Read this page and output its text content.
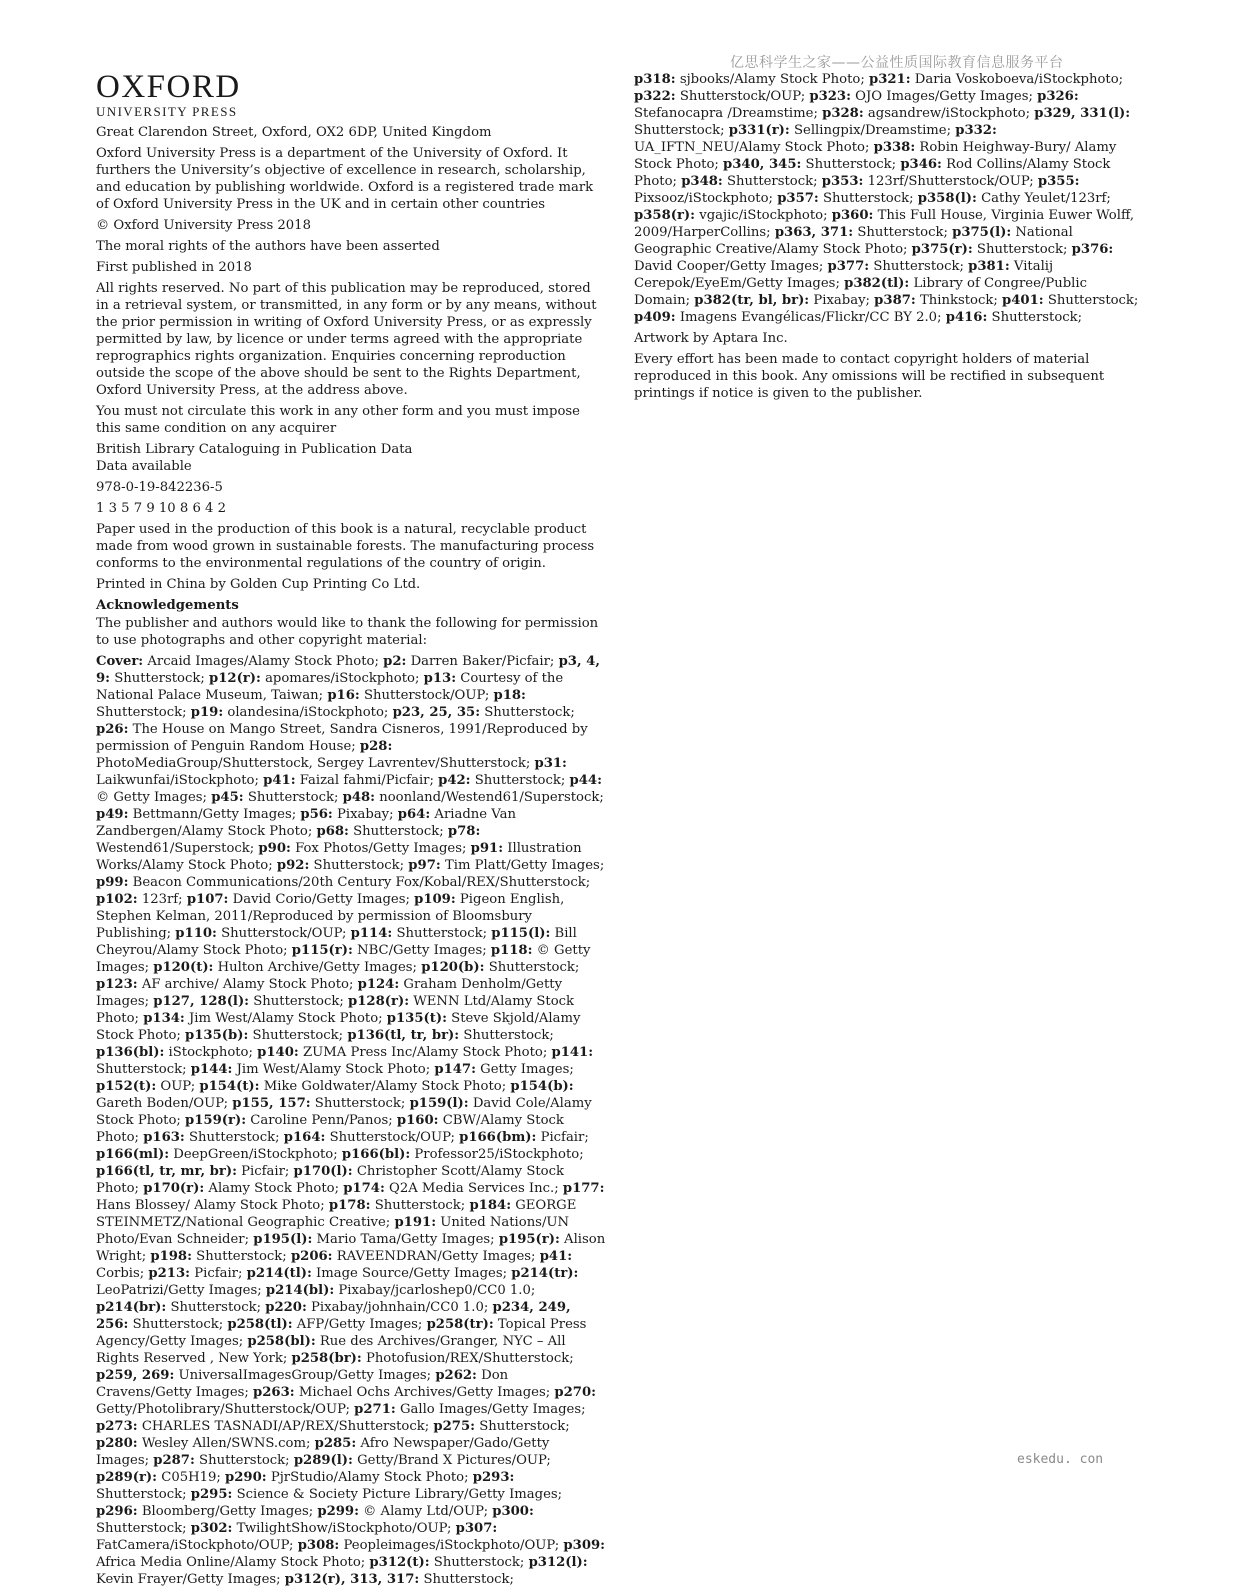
亿思科学生之家——公益性质国际教育信息服务平台
OXFORD
UNIVERSITY PRESS

Great Clarendon Street, Oxford, OX2 6DP, United Kingdom

Oxford University Press is a department of the University of Oxford. It furthers the University’s objective of excellence in research, scholarship, and education by publishing worldwide. Oxford is a registered trade mark of Oxford University Press in the UK and in certain other countries

© Oxford University Press 2018

The moral rights of the authors have been asserted

First published in 2018

All rights reserved. No part of this publication may be reproduced, stored in a retrieval system, or transmitted, in any form or by any means, without the prior permission in writing of Oxford University Press, or as expressly permitted by law, by licence or under terms agreed with the appropriate reprographics rights organization. Enquiries concerning reproduction outside the scope of the above should be sent to the Rights Department, Oxford University Press, at the address above.

You must not circulate this work in any other form and you must impose this same condition on any acquirer

British Library Cataloguing in Publication Data
Data available

978-0-19-842236-5

1 3 5 7 9 10 8 6 4 2

Paper used in the production of this book is a natural, recyclable product made from wood grown in sustainable forests. The manufacturing process conforms to the environmental regulations of the country of origin.

Printed in China by Golden Cup Printing Co Ltd.

Acknowledgements

The publisher and authors would like to thank the following for permission to use photographs and other copyright material:

Cover: Arcaid Images/Alamy Stock Photo; p2: Darren Baker/Picfair; p3, 4, 9: Shutterstock; p12(r): apomares/iStockphoto; p13: Courtesy of the National Palace Museum, Taiwan; p16: Shutterstock/OUP; p18: Shutterstock; p19: olandesina/iStockphoto; p23, 25, 35: Shutterstock; p26: The House on Mango Street, Sandra Cisneros, 1991/Reproduced by permission of Penguin Random House; p28: PhotoMediaGroup/Shutterstock, Sergey Lavrentev/Shutterstock; p31: Laikwunfai/iStockphoto; p41: Faizal fahmi/Picfair; p42: Shutterstock; p44: © Getty Images; p45: Shutterstock; p48: noonland/Westend61/Superstock; p49: Bettmann/Getty Images; p56: Pixabay; p64: Ariadne Van Zandbergen/Alamy Stock Photo; p68: Shutterstock; p78: Westend61/Superstock; p90: Fox Photos/Getty Images; p91: Illustration Works/Alamy Stock Photo; p92: Shutterstock; p97: Tim Platt/Getty Images; p99: Beacon Communications/20th Century Fox/Kobal/REX/Shutterstock; p102: 123rf; p107: David Corio/Getty Images; p109: Pigeon English, Stephen Kelman, 2011/Reproduced by permission of Bloomsbury Publishing; p110: Shutterstock/OUP; p114: Shutterstock; p115(l): Bill Cheyrou/Alamy Stock Photo; p115(r): NBC/Getty Images; p118: © Getty Images; p120(t): Hulton Archive/Getty Images; p120(b): Shutterstock; p123: AF archive/ Alamy Stock Photo; p124: Graham Denholm/Getty Images; p127, 128(l): Shutterstock; p128(r): WENN Ltd/Alamy Stock Photo; p134: Jim West/Alamy Stock Photo; p135(t): Steve Skjold/Alamy Stock Photo; p135(b): Shutterstock; p136(tl, tr, br): Shutterstock; p136(bl): iStockphoto; p140: ZUMA Press Inc/Alamy Stock Photo; p141: Shutterstock; p144: Jim West/Alamy Stock Photo; p147: Getty Images; p152(t): OUP; p154(t): Mike Goldwater/Alamy Stock Photo; p154(b): Gareth Boden/OUP; p155, 157: Shutterstock; p159(l): David Cole/Alamy Stock Photo; p159(r): Caroline Penn/Panos; p160: CBW/Alamy Stock Photo; p163: Shutterstock; p164: Shutterstock/OUP; p166(bm): Picfair; p166(ml): DeepGreen/iStockphoto; p166(bl): Professor25/iStockphoto; p166(tl, tr, mr, br): Picfair; p170(l): Christopher Scott/Alamy Stock Photo; p170(r): Alamy Stock Photo; p174: Q2A Media Services Inc.; p177: Hans Blossey/ Alamy Stock Photo; p178: Shutterstock; p184: GEORGE STEINMETZ/National Geographic Creative; p191: United Nations/UN Photo/Evan Schneider; p195(l): Mario Tama/Getty Images; p195(r): Alison Wright; p198: Shutterstock; p206: RAVEENDRAN/Getty Images; p41: Corbis; p213: Picfair; p214(tl): Image Source/Getty Images; p214(tr): LeoPatrizi/Getty Images; p214(bl): Pixabay/jcarloshep0/CC0 1.0; p214(br): Shutterstock; p220: Pixabay/johnhain/CC0 1.0; p234, 249, 256: Shutterstock; p258(tl): AFP/Getty Images; p258(tr): Topical Press Agency/Getty Images; p258(bl): Rue des Archives/Granger, NYC – All Rights Reserved , New York; p258(br): Photofusion/REX/Shutterstock; p259, 269: UniversalImagesGroup/Getty Images; p262: Don Cravens/Getty Images; p263: Michael Ochs Archives/Getty Images; p270: Getty/Photolibrary/Shutterstock/OUP; p271: Gallo Images/Getty Images; p273: CHARLES TASNADI/AP/REX/Shutterstock; p275: Shutterstock; p280: Wesley Allen/SWNS.com; p285: Afro Newspaper/Gado/Getty Images; p287: Shutterstock; p289(l): Getty/Brand X Pictures/OUP; p289(r): C05H19; p290: PjrStudio/Alamy Stock Photo; p293: Shutterstock; p295: Science & Society Picture Library/Getty Images; p296: Bloomberg/Getty Images; p299: © Alamy Ltd/OUP; p300: Shutterstock; p302: TwilightShow/iStockphoto/OUP; p307: FatCamera/iStockphoto/OUP; p308: Peopleimages/iStockphoto/OUP; p309: Africa Media Online/Alamy Stock Photo; p312(t): Shutterstock; p312(l): Kevin Frayer/Getty Images; p312(r), 313, 317: Shutterstock;

p318: sjbooks/Alamy Stock Photo; p321: Daria Voskoboeva/iStockphoto; p322: Shutterstock/OUP; p323: OJO Images/Getty Images; p326: Stefanocapra /Dreamstime; p328: agsandrew/iStockphoto; p329, 331(l): Shutterstock; p331(r): Sellingpix/Dreamstime; p332: UA_IFTN_NEU/Alamy Stock Photo; p338: Robin Heighway-Bury/ Alamy Stock Photo; p340, 345: Shutterstock; p346: Rod Collins/Alamy Stock Photo; p348: Shutterstock; p353: 123rf/Shutterstock/OUP; p355: Pixsooz/iStockphoto; p357: Shutterstock; p358(l): Cathy Yeulet/123rf; p358(r): vgajic/iStockphoto; p360: This Full House, Virginia Euwer Wolff, 2009/HarperCollins; p363, 371: Shutterstock; p375(l): National Geographic Creative/Alamy Stock Photo; p375(r): Shutterstock; p376: David Cooper/Getty Images; p377: Shutterstock; p381: Vitalij Cerepok/EyeEm/Getty Images; p382(tl): Library of Congree/Public Domain; p382(tr, bl, br): Pixabay; p387: Thinkstock; p401: Shutterstock; p409: Imagens Evangélicas/Flickr/CC BY 2.0; p416: Shutterstock;

Artwork by Aptara Inc.

Every effort has been made to contact copyright holders of material reproduced in this book. Any omissions will be rectified in subsequent printings if notice is given to the publisher.

eskedu. con
